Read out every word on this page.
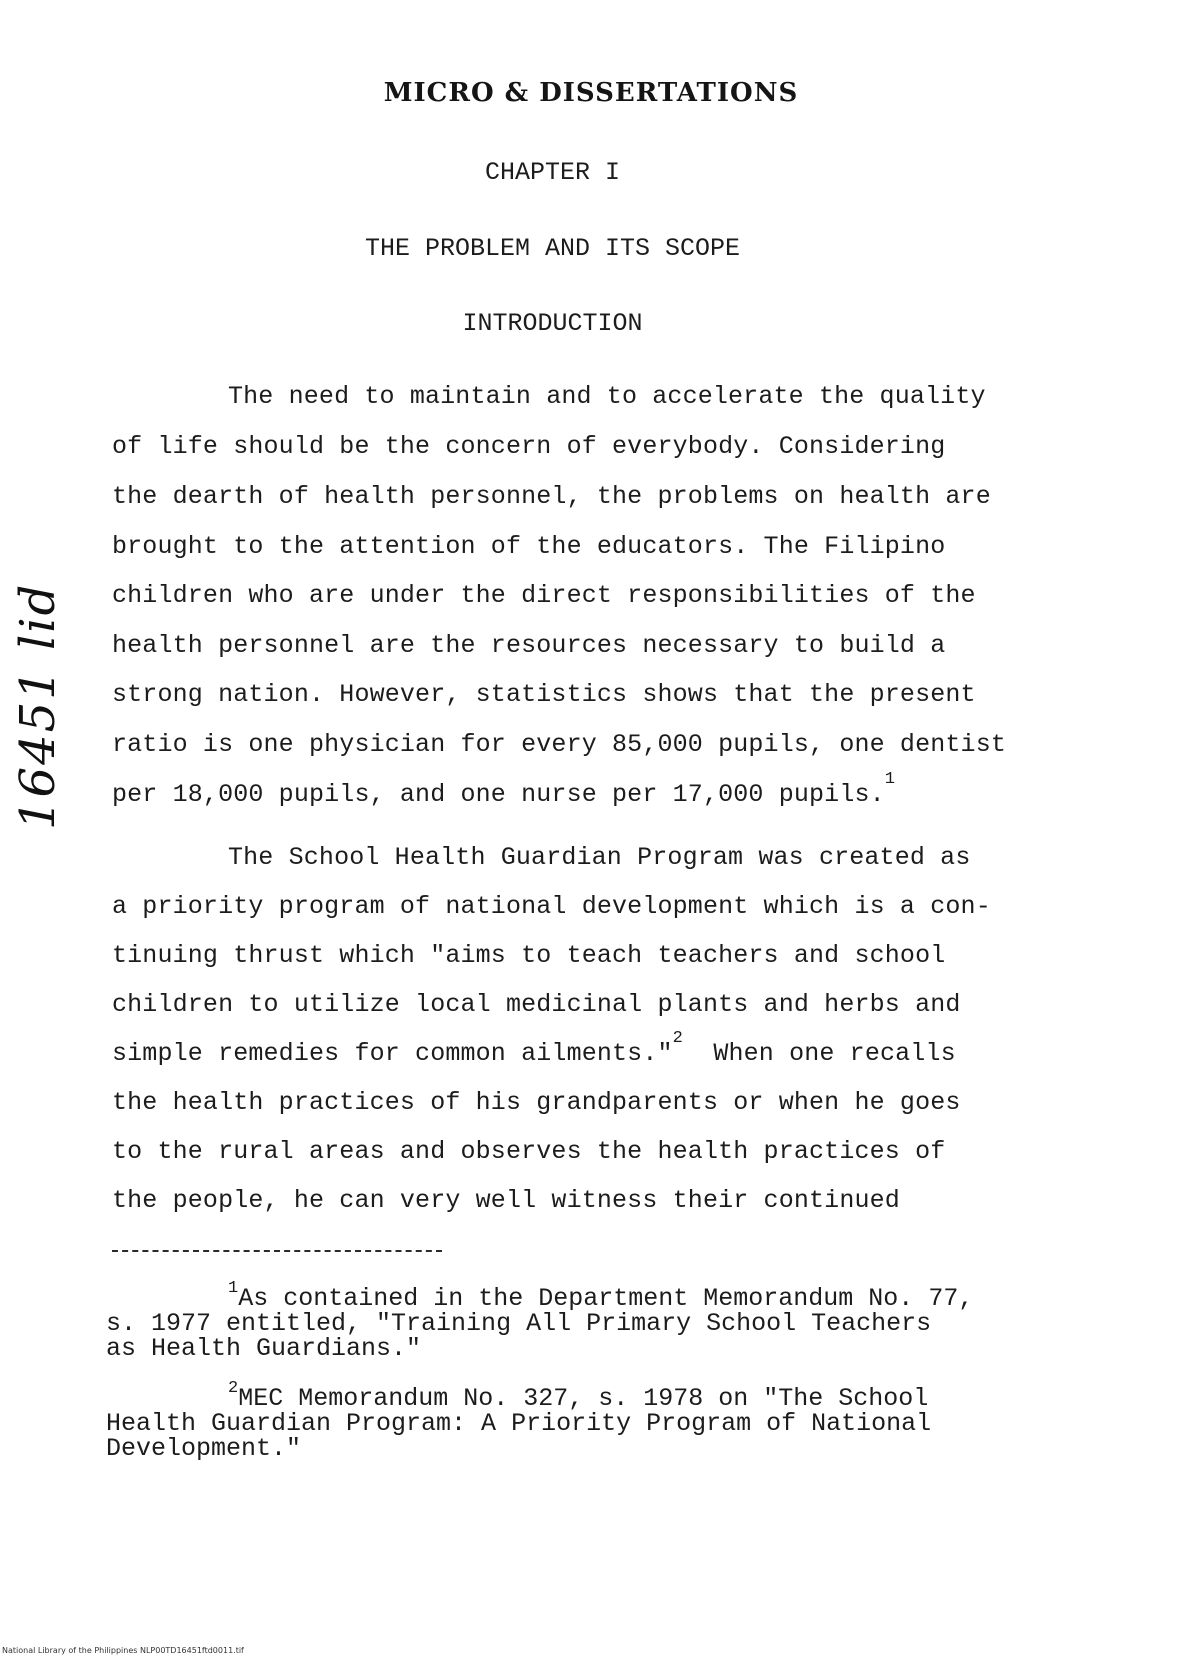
MICRO & DISSERTATIONS
CHAPTER I
THE PROBLEM AND ITS SCOPE
INTRODUCTION
The need to maintain and to accelerate the quality
of life should be the concern of everybody. Considering
the dearth of health personnel, the problems on health are
brought to the attention of the educators. The Filipino
children who are under the direct responsibilities of the
health personnel are the resources necessary to build a
strong nation. However, statistics shows that the present
ratio is one physician for every 85,000 pupils, one dentist
per 18,000 pupils, and one nurse per 17,000 pupils.$^1$
The School Health Guardian Program was created as
a priority program of national development which is a con-
tinuing thrust which "aims to teach teachers and school
children to utilize local medicinal plants and herbs and
simple remedies for common ailments."$^2$  When one recalls
the health practices of his grandparents or when he goes
to the rural areas and observes the health practices of
the people, he can very well witness their continued
$^1$As contained in the Department Memorandum No. 77,
s. 1977 entitled, "Training All Primary School Teachers
as Health Guardians."
$^2$MEC Memorandum No. 327, s. 1978 on "The School
Health Guardian Program: A Priority Program of National
Development."
16451 lid
National Library of the Philippines NLP00TD16451ftd0011.tif
